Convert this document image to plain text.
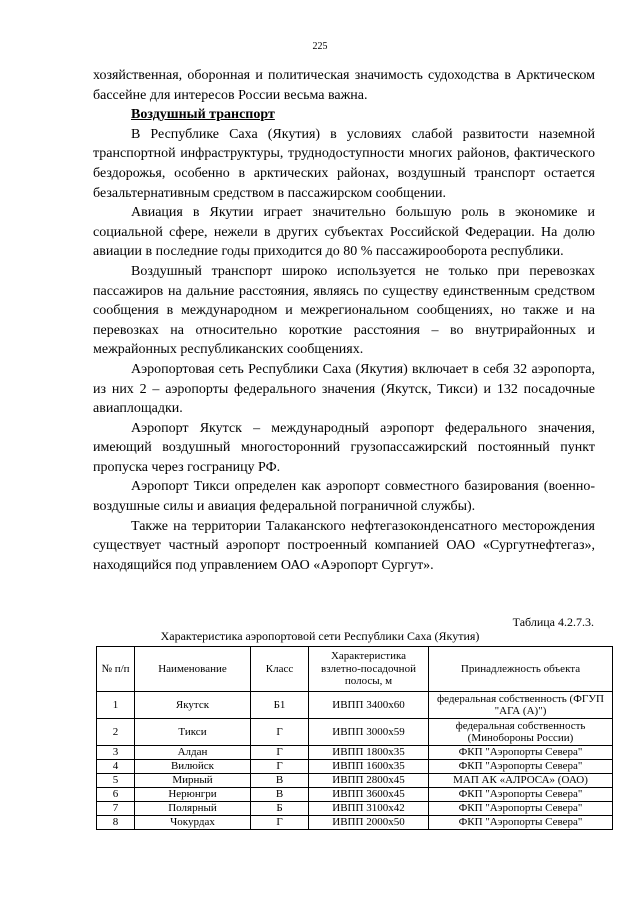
225

хозяйственная, оборонная и политическая значимость судоходства в Арктическом бассейне для интересов России весьма важна.

Воздушный транспорт

В Республике Саха (Якутия) в условиях слабой развитости наземной транспортной инфраструктуры, труднодоступности многих районов, фактического бездорожья, особенно в арктических районах, воздушный транспорт остается безальтернативным средством в пассажирском сообщении.

Авиация в Якутии играет значительно большую роль в экономике и социальной сфере, нежели в других субъектах Российской Федерации. На долю авиации в последние годы приходится до 80 % пассажирооборота республики.

Воздушный транспорт широко используется не только при перевозках пассажиров на дальние расстояния, являясь по существу единственным средством сообщения в международном и межрегиональном сообщениях, но также и на перевозках на относительно короткие расстояния – во внутрирайонных и межрайонных республиканских сообщениях.

Аэропортовая сеть Республики Саха (Якутия) включает в себя 32 аэропорта, из них 2 – аэропорты федерального значения (Якутск, Тикси) и 132 посадочные авиаплощадки.

Аэропорт Якутск – международный аэропорт федерального значения, имеющий воздушный многосторонний грузопассажирский постоянный пункт пропуска через госграницу РФ.

Аэропорт Тикси определен как аэропорт совместного базирования (военно-воздушные силы и авиация федеральной пограничной службы).

Также на территории Талаканского нефтегазоконденсатного месторождения существует частный аэропорт построенный компанией ОАО «Сургутнефтегаз», находящийся под управлением ОАО «Аэропорт Сургут».

Таблица 4.2.7.3.
Характеристика аэропортовой сети Республики Саха (Якутия)
№ п/п	Наименование	Класс	Характеристика взлетно-посадочной полосы, м	Принадлежность объекта
1	Якутск	Б1	ИВПП 3400x60	федеральная собственность (ФГУП "АГА (А)")
2	Тикси	Г	ИВПП 3000x59	федеральная собственность (Минобороны России)
3	Алдан	Г	ИВПП 1800x35	ФКП "Аэропорты Севера"
4	Вилюйск	Г	ИВПП 1600x35	ФКП "Аэропорты Севера"
5	Мирный	В	ИВПП 2800x45	МАП АК «АЛРОСА» (ОАО)
6	Нерюнгри	В	ИВПП 3600x45	ФКП "Аэропорты Севера"
7	Полярный	Б	ИВПП 3100x42	ФКП "Аэропорты Севера"
8	Чокурдах	Г	ИВПП 2000x50	ФКП "Аэропорты Севера"
